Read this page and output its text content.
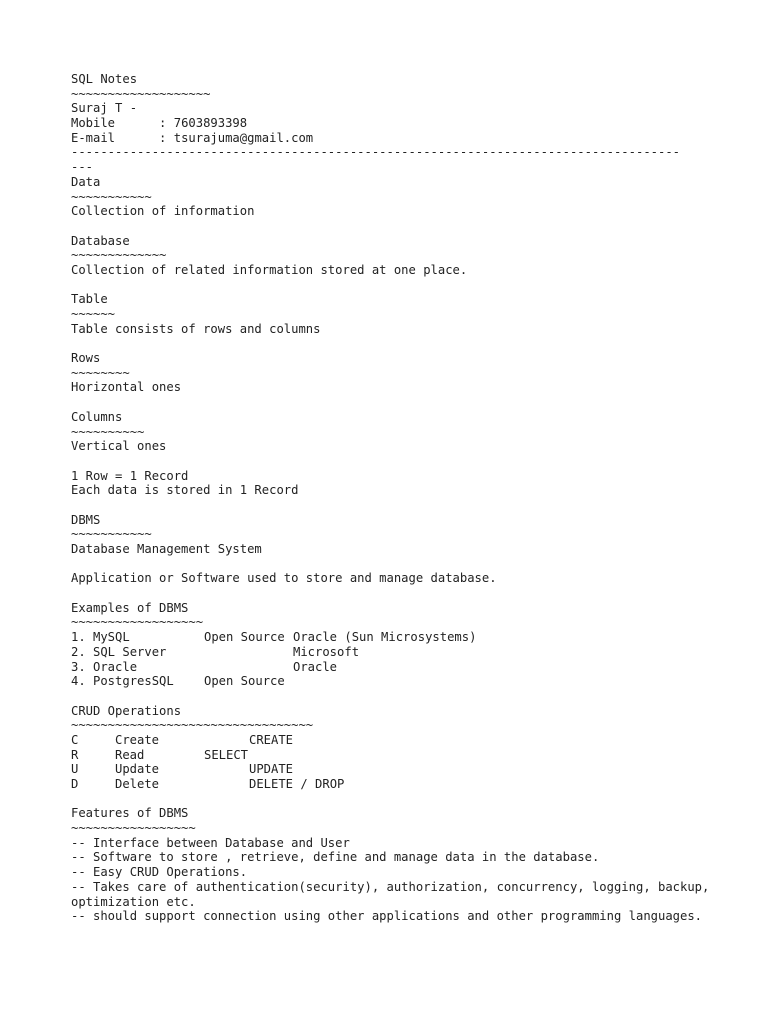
SQL Notes
~~~~~~~~~~~~~~~~~~~
Suraj T -
Mobile      : 7603893398
E-mail      : tsurajuma@gmail.com
-----------------------------------------------------------------------------------
---
Data
~~~~~~~~~~~
Collection of information
Database
~~~~~~~~~~~~~
Collection of related information stored at one place.
Table
~~~~~~
Table consists of rows and columns
Rows
~~~~~~~~
Horizontal ones
Columns
~~~~~~~~~~
Vertical ones
1 Row = 1 Record
Each data is stored in 1 Record
DBMS
~~~~~~~~~~~
Database Management System
Application or Software used to store and manage database.
Examples of DBMS
~~~~~~~~~~~~~~~~~~
1. MySQL	Open Source Oracle (Sun Microsystems)
2. SQL Server	Microsoft
3. Oracle	Oracle
4. PostgresSQL	Open Source
CRUD Operations
~~~~~~~~~~~~~~~~~~~~~~~~~~~~~~~~~
C	Create	CREATE
R	Read	SELECT
U	Update	UPDATE
D	Delete	DELETE / DROP
Features of DBMS
~~~~~~~~~~~~~~~~~
-- Interface between Database and User
-- Software to store , retrieve, define and manage data in the database.
-- Easy CRUD Operations.
-- Takes care of authentication(security), authorization, concurrency, logging, backup, optimization etc.
-- should support connection using other applications and other programming languages.
